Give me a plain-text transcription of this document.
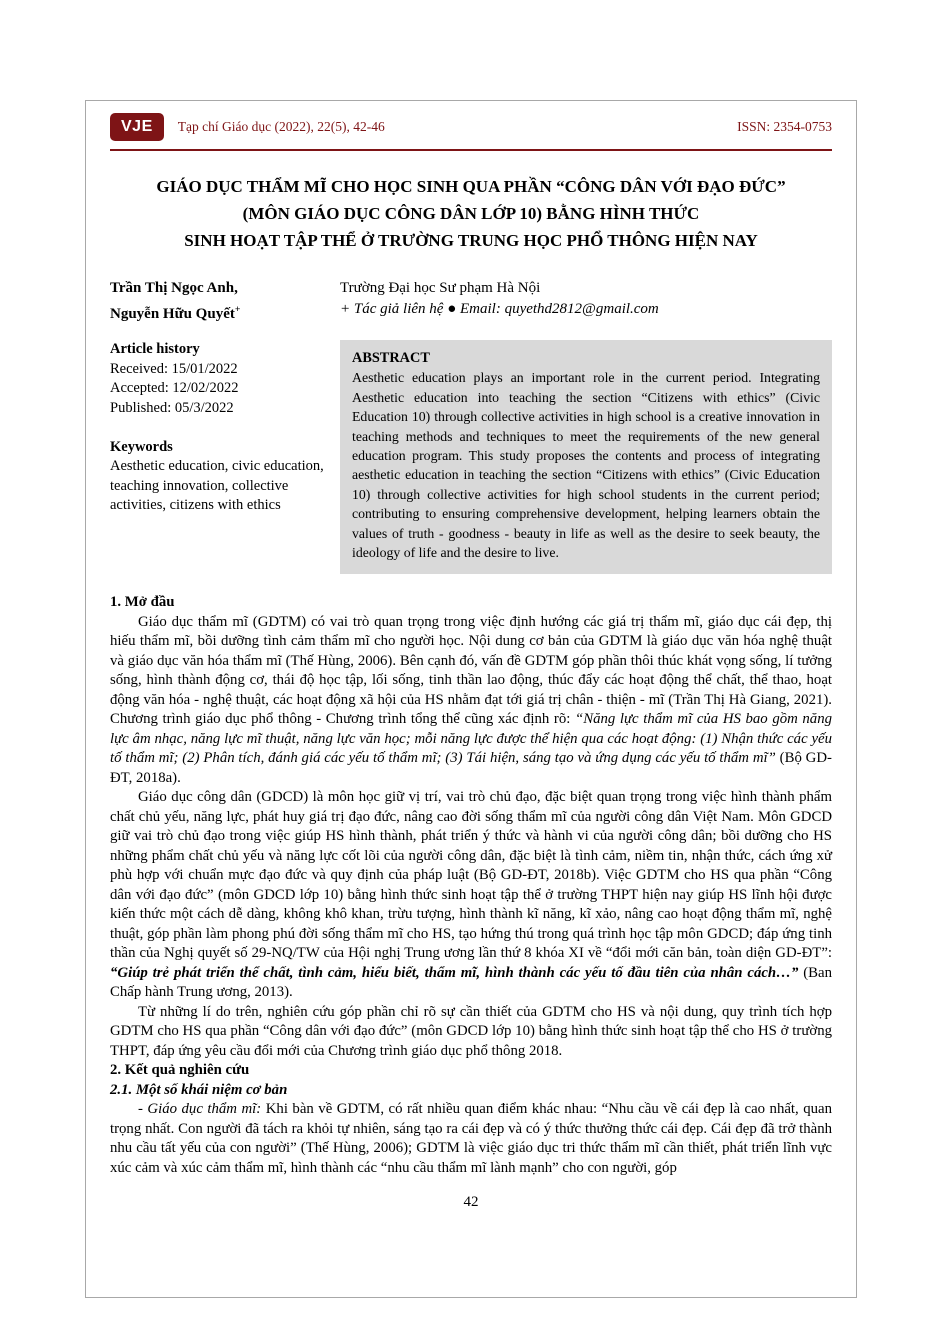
VJE	Tạp chí Giáo dục (2022), 22(5), 42-46	ISSN: 2354-0753
GIÁO DỤC THẨM MĨ CHO HỌC SINH QUA PHẦN “CÔNG DÂN VỚI ĐẠO ĐỨC”
(MÔN GIÁO DỤC CÔNG DÂN LỚP 10) BẰNG HÌNH THỨC
SINH HOẠT TẬP THỂ Ở TRƯỜNG TRUNG HỌC PHỔ THÔNG HIỆN NAY
Trần Thị Ngọc Anh,
Nguyễn Hữu Quyết+
Trường Đại học Sư phạm Hà Nội
+ Tác giả liên hệ ● Email: quyethd2812@gmail.com
Article history
Received: 15/01/2022
Accepted: 12/02/2022
Published: 05/3/2022
Keywords
Aesthetic education, civic education, teaching innovation, collective activities, citizens with ethics
ABSTRACT
Aesthetic education plays an important role in the current period. Integrating Aesthetic education into teaching the section “Citizens with ethics” (Civic Education 10) through collective activities in high school is a creative innovation in teaching methods and techniques to meet the requirements of the new general education program. This study proposes the contents and process of integrating aesthetic education in teaching the section “Citizens with ethics” (Civic Education 10) through collective activities for high school students in the current period; contributing to ensuring comprehensive development, helping learners obtain the values of truth - goodness - beauty in life as well as the desire to seek beauty, the ideology of life and the desire to live.
1. Mở đầu

Giáo dục thẩm mĩ (GDTM) có vai trò quan trọng trong việc định hướng các giá trị thẩm mĩ, giáo dục cái đẹp, thị hiếu thẩm mĩ, bồi dưỡng tình cảm thẩm mĩ cho người học. Nội dung cơ bản của GDTM là giáo dục văn hóa nghệ thuật và giáo dục văn hóa thẩm mĩ (Thế Hùng, 2006). Bên cạnh đó, vấn đề GDTM góp phần thôi thúc khát vọng sống, lí tưởng sống, hình thành động cơ, thái độ học tập, lối sống, tinh thần lao động, thúc đẩy các hoạt động thể chất, thể thao, hoạt động văn hóa - nghệ thuật, các hoạt động xã hội của HS nhằm đạt tới giá trị chân - thiện - mĩ (Trần Thị Hà Giang, 2021). Chương trình giáo dục phổ thông - Chương trình tổng thể cũng xác định rõ: “Năng lực thẩm mĩ của HS bao gồm năng lực âm nhạc, năng lực mĩ thuật, năng lực văn học; mỗi năng lực được thể hiện qua các hoạt động: (1) Nhận thức các yếu tố thẩm mĩ; (2) Phân tích, đánh giá các yếu tố thẩm mĩ; (3) Tái hiện, sáng tạo và ứng dụng các yếu tố thẩm mĩ” (Bộ GD-ĐT, 2018a).

Giáo dục công dân (GDCD) là môn học giữ vị trí, vai trò chủ đạo, đặc biệt quan trọng trong việc hình thành phẩm chất chủ yếu, năng lực, phát huy giá trị đạo đức, nâng cao đời sống thẩm mĩ của người công dân Việt Nam. Môn GDCD giữ vai trò chủ đạo trong việc giúp HS hình thành, phát triển ý thức và hành vi của người công dân; bồi dưỡng cho HS những phẩm chất chủ yếu và năng lực cốt lõi của người công dân, đặc biệt là tình cảm, niềm tin, nhận thức, cách ứng xử phù hợp với chuẩn mực đạo đức và quy định của pháp luật (Bộ GD-ĐT, 2018b). Việc GDTM cho HS qua phần “Công dân với đạo đức” (môn GDCD lớp 10) bằng hình thức sinh hoạt tập thể ở trường THPT hiện nay giúp HS lĩnh hội được kiến thức một cách dễ dàng, không khô khan, trừu tượng, hình thành kĩ năng, kĩ xảo, nâng cao hoạt động thẩm mĩ, nghệ thuật, góp phần làm phong phú đời sống thẩm mĩ cho HS, tạo hứng thú trong quá trình học tập môn GDCD; đáp ứng tinh thần của Nghị quyết số 29-NQ/TW của Hội nghị Trung ương lần thứ 8 khóa XI về “đổi mới căn bản, toàn diện GD-ĐT”: “Giúp trẻ phát triển thể chất, tình cảm, hiểu biết, thẩm mĩ, hình thành các yếu tố đầu tiên của nhân cách…” (Ban Chấp hành Trung ương, 2013).

Từ những lí do trên, nghiên cứu góp phần chỉ rõ sự cần thiết của GDTM cho HS và nội dung, quy trình tích hợp GDTM cho HS qua phần “Công dân với đạo đức” (môn GDCD lớp 10) bằng hình thức sinh hoạt tập thể cho HS ở trường THPT, đáp ứng yêu cầu đổi mới của Chương trình giáo dục phổ thông 2018.

2. Kết quả nghiên cứu
2.1. Một số khái niệm cơ bản

- Giáo dục thẩm mĩ: Khi bàn về GDTM, có rất nhiều quan điểm khác nhau: “Nhu cầu về cái đẹp là cao nhất, quan trọng nhất. Con người đã tách ra khỏi tự nhiên, sáng tạo ra cái đẹp và có ý thức thưởng thức cái đẹp. Cái đẹp đã trở thành nhu cầu tất yếu của con người” (Thế Hùng, 2006); GDTM là việc giáo dục tri thức thẩm mĩ cần thiết, phát triển lĩnh vực xúc cảm và xúc cảm thẩm mĩ, hình thành các “nhu cầu thẩm mĩ lành mạnh” cho con người, góp

42
